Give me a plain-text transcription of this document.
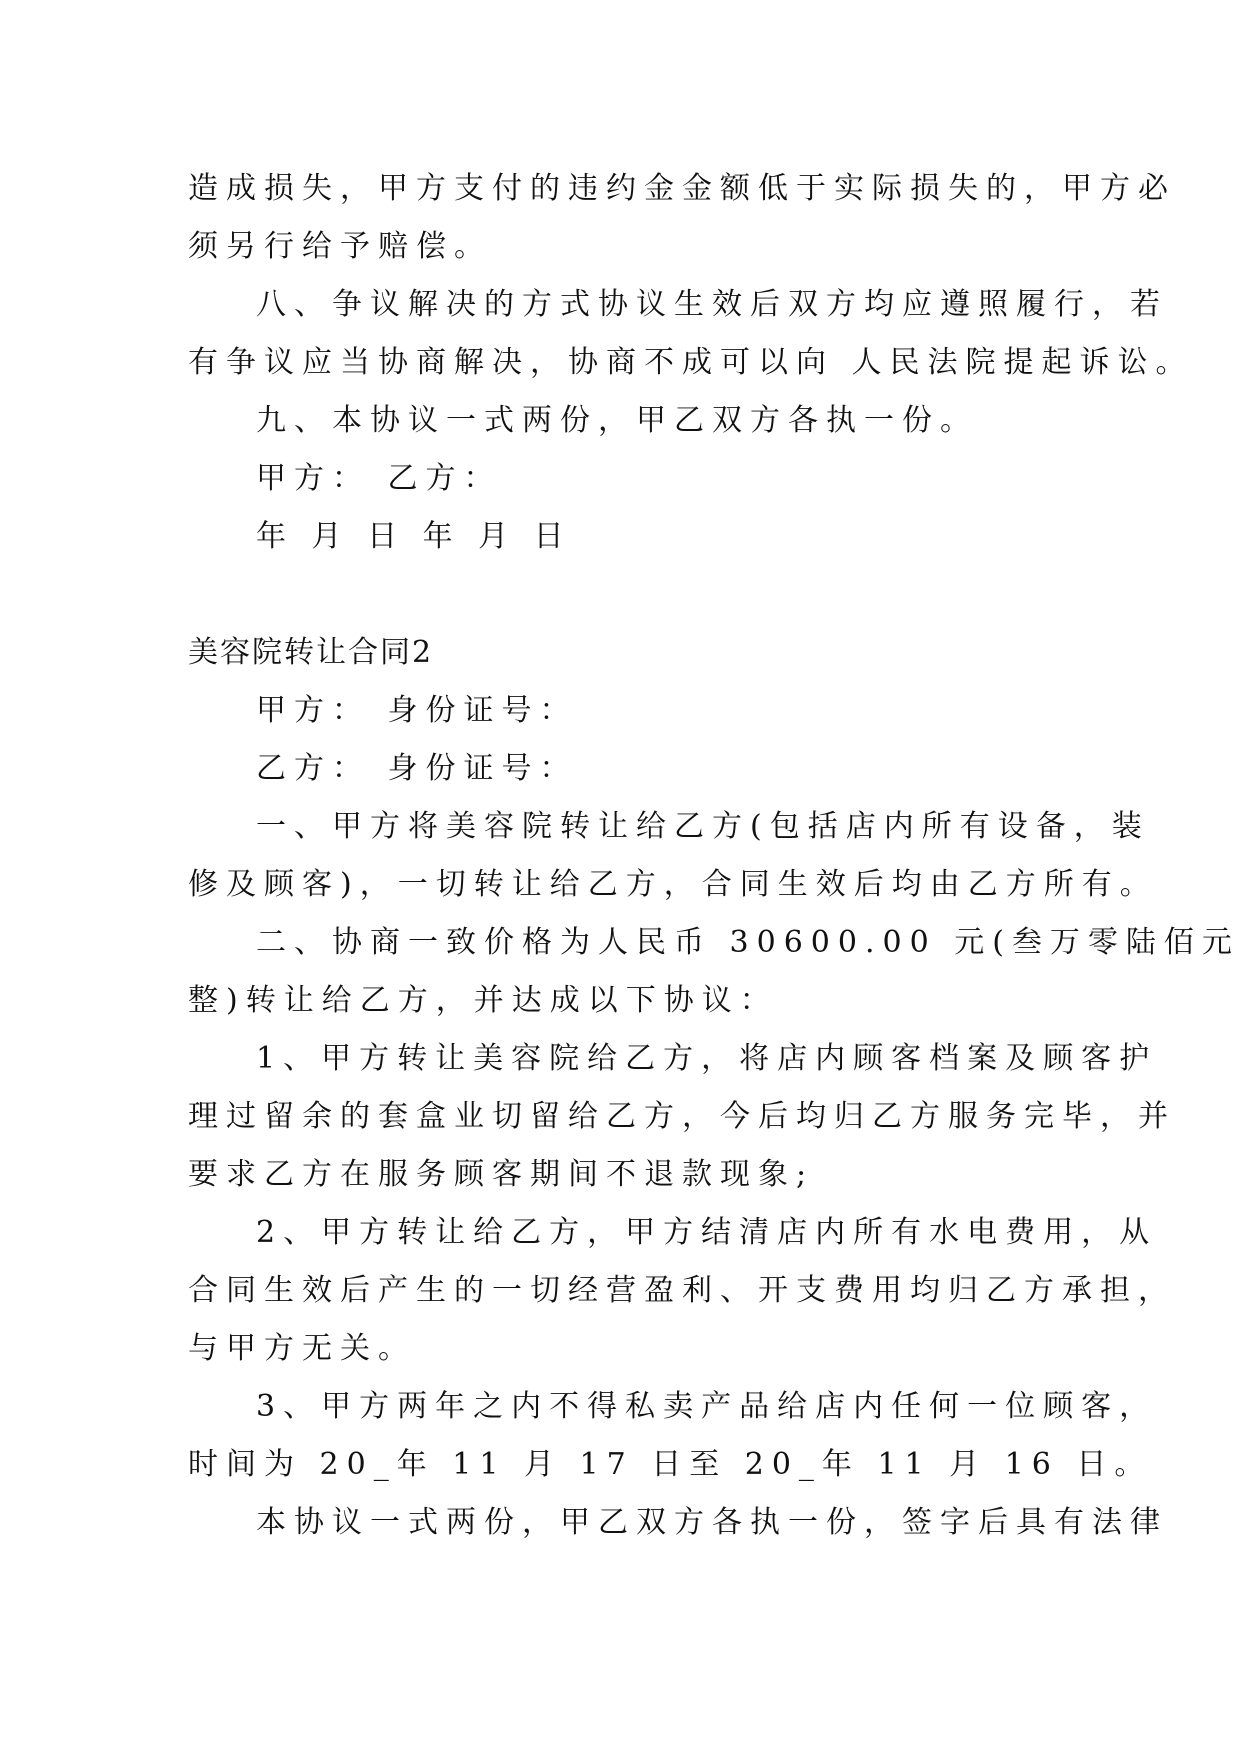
造成损失，甲方支付的违约金金额低于实际损失的，甲方必
须另行给予赔偿。
八、争议解决的方式协议生效后双方均应遵照履行，若
有争议应当协商解决，协商不成可以向 人民法院提起诉讼。
九、本协议一式两份，甲乙双方各执一份。
甲方： 乙方：
年 月 日 年 月 日
美容院转让合同2
甲方： 身份证号：
乙方： 身份证号：
一、甲方将美容院转让给乙方(包括店内所有设备，装
修及顾客)，一切转让给乙方，合同生效后均由乙方所有。
二、协商一致价格为人民币 30600.00 元(叁万零陆佰元
整)转让给乙方，并达成以下协议：
1、甲方转让美容院给乙方，将店内顾客档案及顾客护
理过留余的套盒业切留给乙方，今后均归乙方服务完毕，并
要求乙方在服务顾客期间不退款现象;
2、甲方转让给乙方，甲方结清店内所有水电费用，从
合同生效后产生的一切经营盈利、开支费用均归乙方承担，
与甲方无关。
3、甲方两年之内不得私卖产品给店内任何一位顾客，
时间为 20_年 11 月 17 日至 20_年 11 月 16 日。
本协议一式两份，甲乙双方各执一份，签字后具有法律
